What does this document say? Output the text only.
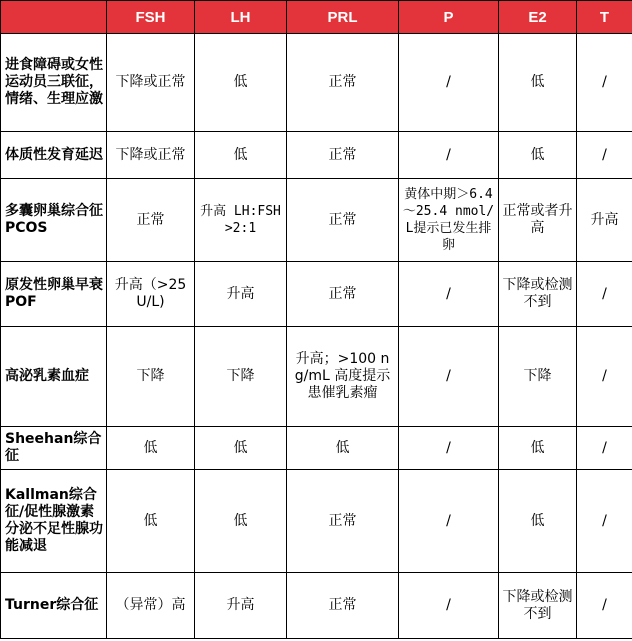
	FSH	LH	PRL	P	E2	T
进食障碍或女性运动员三联征，情绪、生理应激	下降或正常	低	正常	/	低	/
体质性发育延迟	下降或正常	低	正常	/	低	/
多囊卵巢综合征 PCOS	正常	升高 LH:FSH>2:1	正常	黄体中期＞6.4～25.4 nmol/L提示已发生排卵	正常或者升高	升高
原发性卵巢早衰 POF	升高（>25U/L)	升高	正常	/	下降或检测不到	/
高泌乳素血症	下降	下降	升高；>100 ng/mL 高度提示患催乳素瘤	/	下降	/
Sheehan综合征	低	低	低	/	低	/
Kallman综合征/促性腺激素分泌不足性腺功能减退	低	低	正常	/	低	/
Turner综合征	（异常）高	升高	正常	/	下降或检测不到	/
